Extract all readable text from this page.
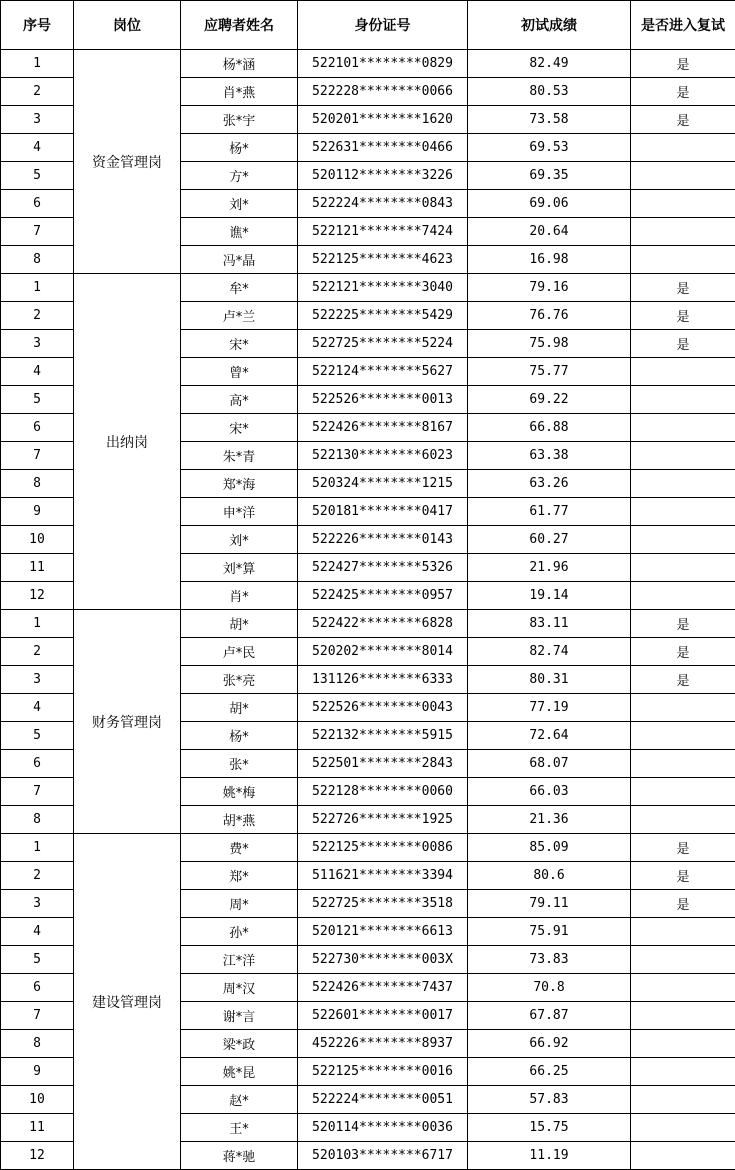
序号	岗位	应聘者姓名	身份证号	初试成绩	是否进入复试
1	资金管理岗	杨*涵	522101********0829	82.49	是
2		肖*燕	522228********0066	80.53	是
3		张*宇	520201********1620	73.58	是
4		杨*	522631********0466	69.53	
5		方*	520112********3226	69.35	
6		刘*	522224********0843	69.06	
7		谯*	522121********7424	20.64	
8		冯*晶	522125********4623	16.98	
1	出纳岗	牟*	522121********3040	79.16	是
2		卢*兰	522225********5429	76.76	是
3		宋*	522725********5224	75.98	是
4		曾*	522124********5627	75.77	
5		高*	522526********0013	69.22	
6		宋*	522426********8167	66.88	
7		朱*青	522130********6023	63.38	
8		郑*海	520324********1215	63.26	
9		申*洋	520181********0417	61.77	
10		刘*	522226********0143	60.27	
11		刘*算	522427********5326	21.96	
12		肖*	522425********0957	19.14	
1	财务管理岗	胡*	522422********6828	83.11	是
2		卢*民	520202********8014	82.74	是
3		张*亮	131126********6333	80.31	是
4		胡*	522526********0043	77.19	
5		杨*	522132********5915	72.64	
6		张*	522501********2843	68.07	
7		姚*梅	522128********0060	66.03	
8		胡*燕	522726********1925	21.36	
1	建设管理岗	费*	522125********0086	85.09	是
2		郑*	511621********3394	80.6	是
3		周*	522725********3518	79.11	是
4		孙*	520121********6613	75.91	
5		江*洋	522730********003X	73.83	
6		周*汉	522426********7437	70.8	
7		谢*言	522601********0017	67.87	
8		梁*政	452226********8937	66.92	
9		姚*昆	522125********0016	66.25	
10		赵*	522224********0051	57.83	
11		王*	520114********0036	15.75	
12		蒋*驰	520103********6717	11.19	
